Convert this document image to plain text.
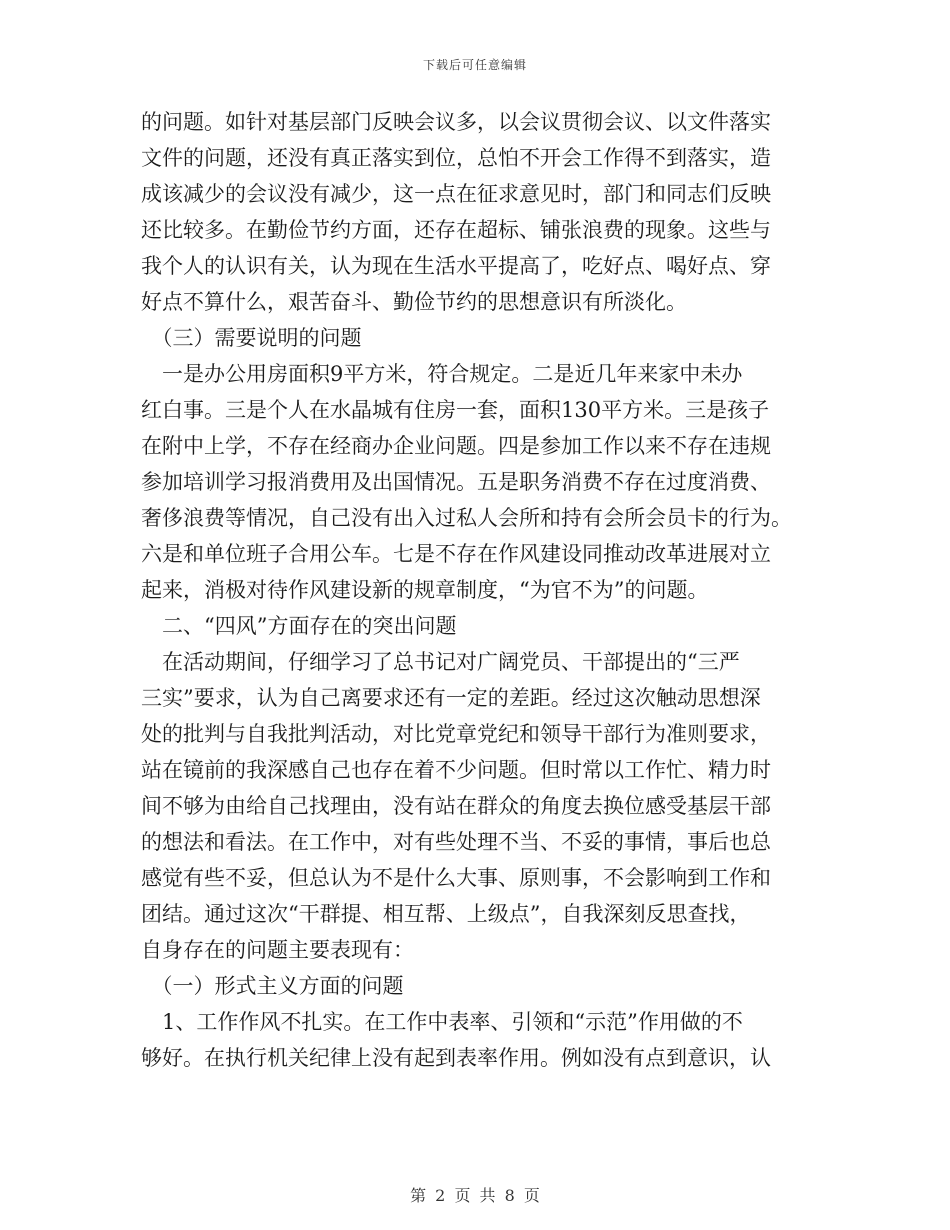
下载后可任意编辑
的问题。如针对基层部门反映会议多，以会议贯彻会议、以文件落实
文件的问题，还没有真正落实到位，总怕不开会工作得不到落实，造
成该减少的会议没有减少，这一点在征求意见时，部门和同志们反映
还比较多。在勤俭节约方面，还存在超标、铺张浪费的现象。这些与
我个人的认识有关，认为现在生活水平提高了，吃好点、喝好点、穿
好点不算什么，艰苦奋斗、勤俭节约的思想意识有所淡化。
　（三）需要说明的问题
　一是办公用房面积9平方米，符合规定。二是近几年来家中未办
红白事。三是个人在水晶城有住房一套，面积130平方米。三是孩子
在附中上学，不存在经商办企业问题。四是参加工作以来不存在违规
参加培训学习报消费用及出国情况。五是职务消费不存在过度消费、
奢侈浪费等情况，自己没有出入过私人会所和持有会所会员卡的行为。
六是和单位班子合用公车。七是不存在作风建设同推动改革进展对立
起来，消极对待作风建设新的规章制度，“为官不为”的问题。
　二、“四风”方面存在的突出问题
　在活动期间，仔细学习了总书记对广阔党员、干部提出的“三严
三实”要求，认为自己离要求还有一定的差距。经过这次触动思想深
处的批判与自我批判活动，对比党章党纪和领导干部行为准则要求，
站在镜前的我深感自己也存在着不少问题。但时常以工作忙、精力时
间不够为由给自己找理由，没有站在群众的角度去换位感受基层干部
的想法和看法。在工作中，对有些处理不当、不妥的事情，事后也总
感觉有些不妥，但总认为不是什么大事、原则事，不会影响到工作和
团结。通过这次“干群提、相互帮、上级点”，自我深刻反思查找，
自身存在的问题主要表现有：
　（一）形式主义方面的问题
　1、工作作风不扎实。在工作中表率、引领和“示范”作用做的不
够好。在执行机关纪律上没有起到表率作用。例如没有点到意识，认
第 2 页 共 8 页
